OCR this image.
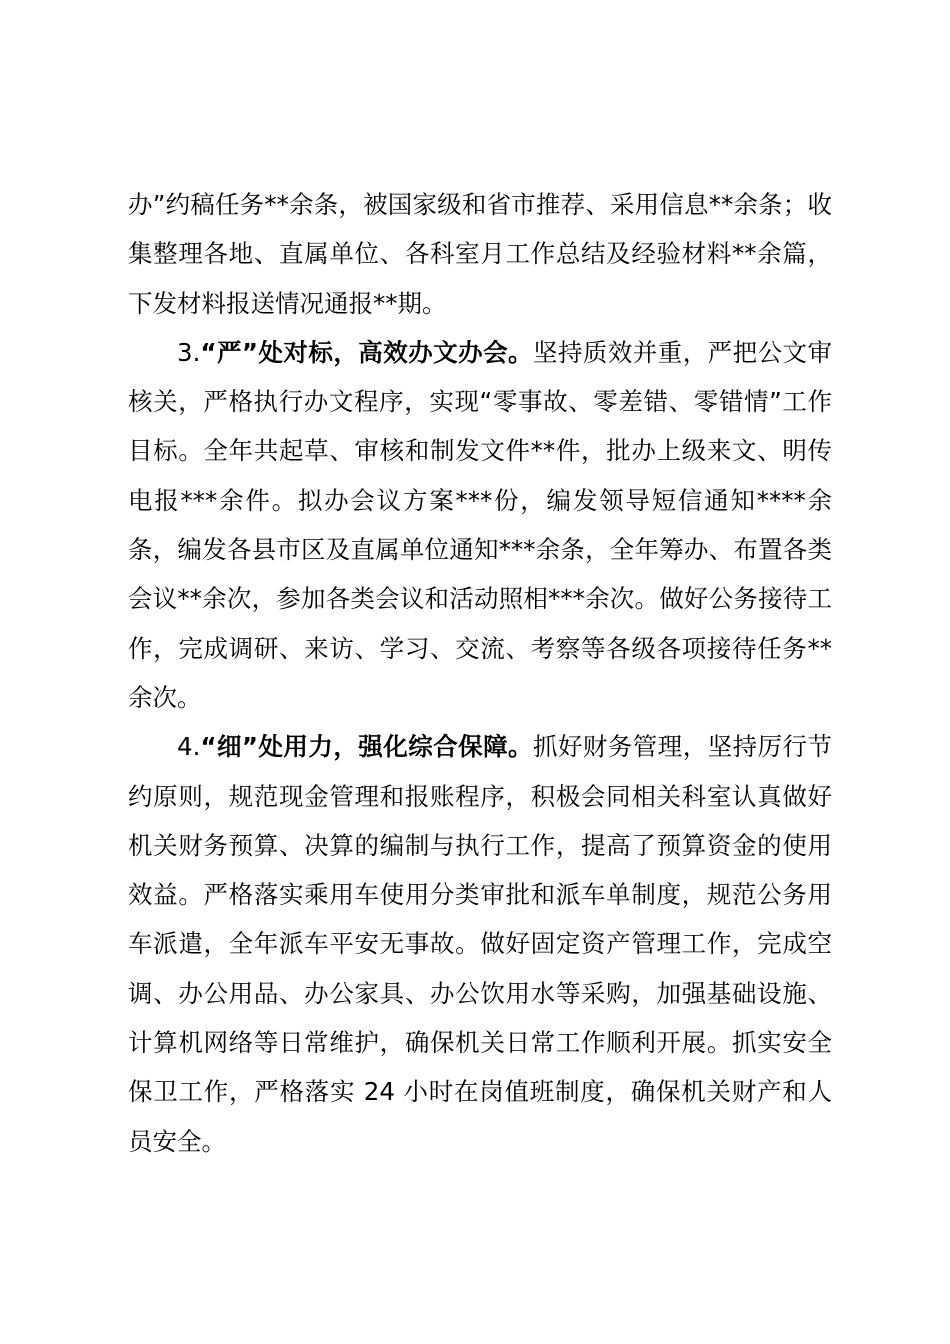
办”约稿任务**余条，被国家级和省市推荐、采用信息**余条；收集整理各地、直属单位、各科室月工作总结及经验材料**余篇，下发材料报送情况通报**期。

3.“严”处对标，高效办文办会。坚持质效并重，严把公文审核关，严格执行办文程序，实现“零事故、零差错、零错情”工作目标。全年共起草、审核和制发文件**件，批办上级来文、明传电报***余件。拟办会议方案***份，编发领导短信通知****余条，编发各县市区及直属单位通知***余条，全年筹办、布置各类会议**余次，参加各类会议和活动照相***余次。做好公务接待工作，完成调研、来访、学习、交流、考察等各级各项接待任务**余次。

4.“细”处用力，强化综合保障。抓好财务管理，坚持厉行节约原则，规范现金管理和报账程序，积极会同相关科室认真做好机关财务预算、决算的编制与执行工作，提高了预算资金的使用效益。严格落实乘用车使用分类审批和派车单制度，规范公务用车派遣，全年派车平安无事故。做好固定资产管理工作，完成空调、办公用品、办公家具、办公饮用水等采购，加强基础设施、计算机网络等日常维护，确保机关日常工作顺利开展。抓实安全保卫工作，严格落实 24 小时在岗值班制度，确保机关财产和人员安全。
